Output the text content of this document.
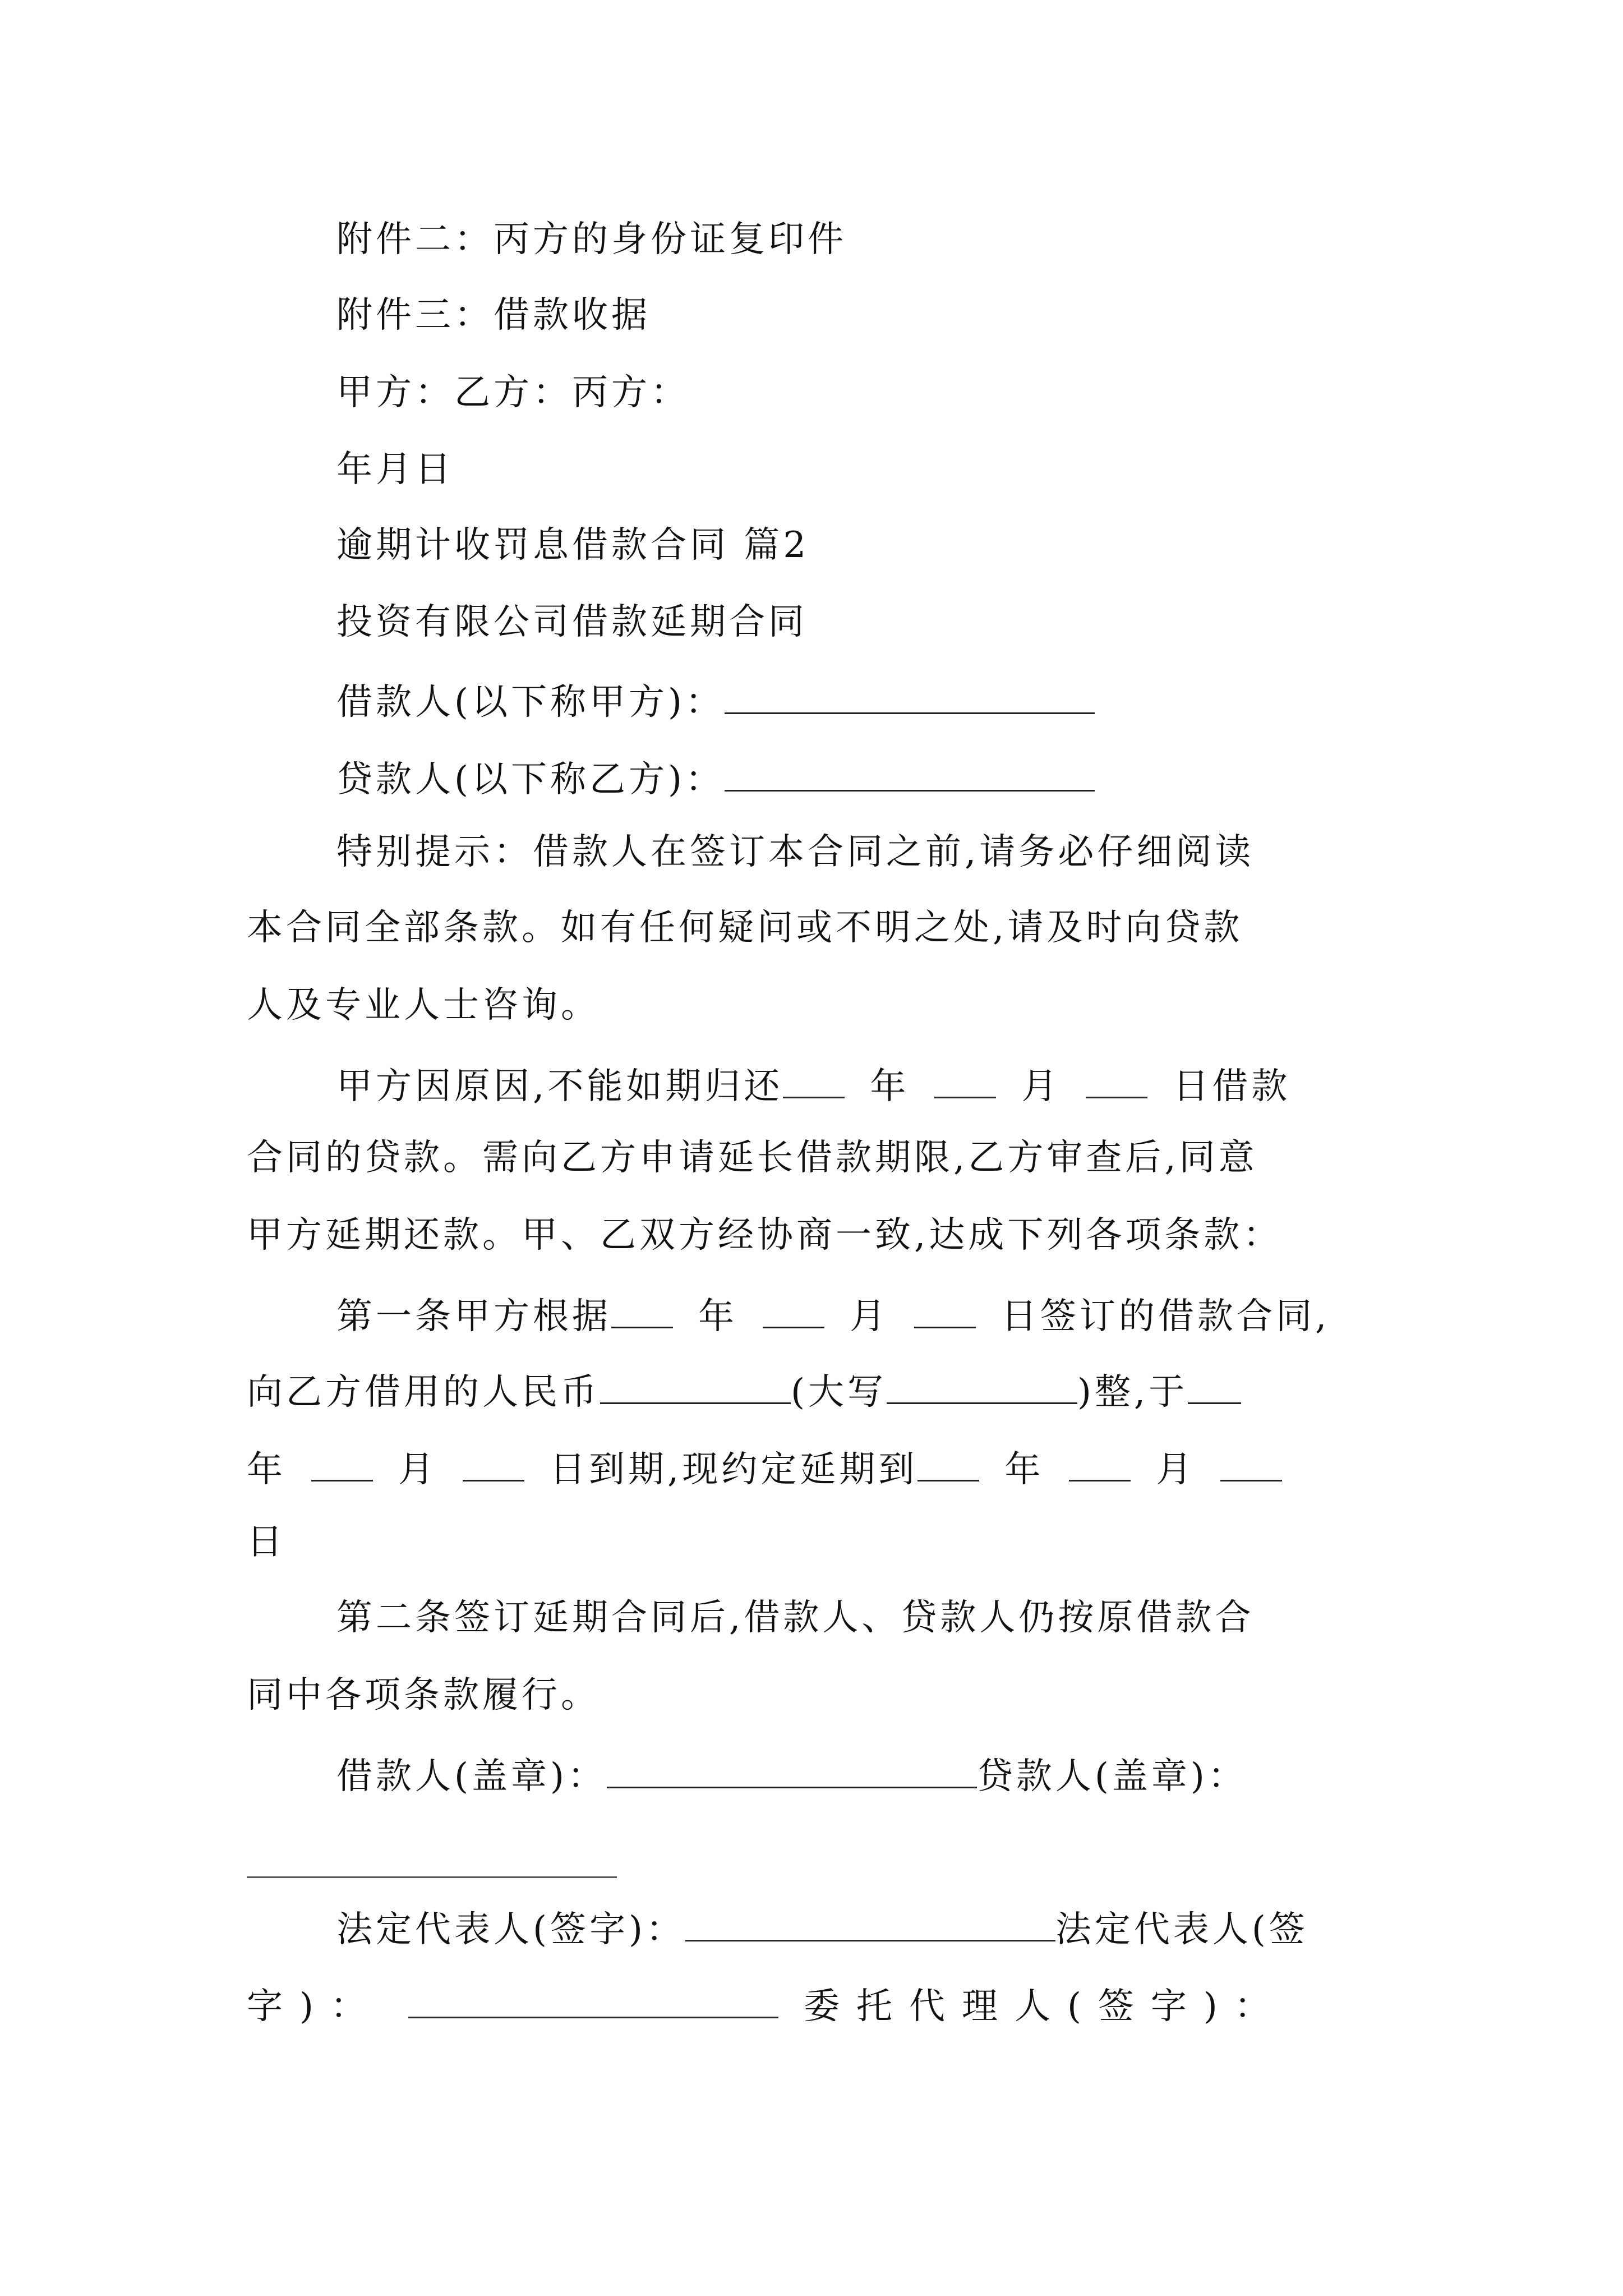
附件二：丙方的身份证复印件
附件三：借款收据
甲方：乙方：丙方：
年月日
逾期计收罚息借款合同 篇2
投资有限公司借款延期合同
借款人(以下称甲方)：
贷款人(以下称乙方)：
特别提示：借款人在签订本合同之前,请务必仔细阅读
本合同全部条款。如有任何疑问或不明之处,请及时向贷款
人及专业人士咨询。
甲方因原因,不能如期归还 年	月	日借款
合同的贷款。需向乙方申请延长借款期限,乙方审查后,同意
甲方延期还款。甲、乙双方经协商一致,达成下列各项条款：
第一条甲方根据 年	月	日签订的借款合同,
向乙方借用的人民币	(大写	)整,于
年	月	日到期,现约定延期到 年	月
日
第二条签订延期合同后,借款人、贷款人仍按原借款合
同中各项条款履行。
借款人(盖章)：	贷款人(盖章)：
法定代表人(签字)：	法定代表人(签
字)：	委托代理人(签字)：
